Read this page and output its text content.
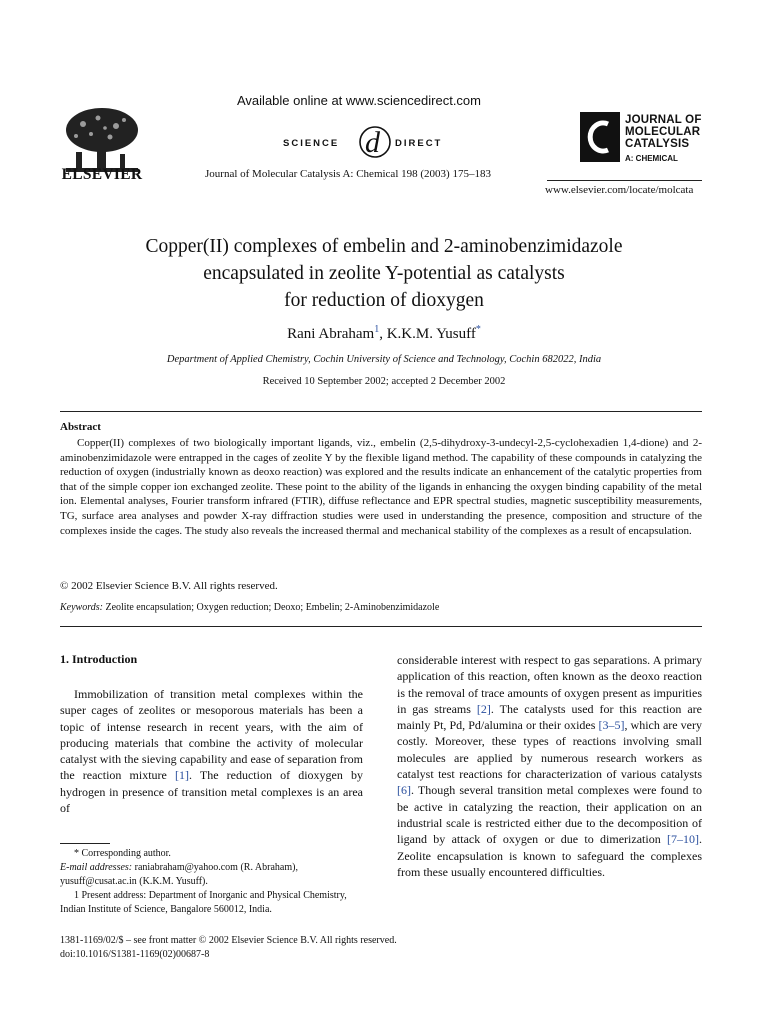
ELSEVIER
Available online at www.sciencedirect.com
SCIENCE d DIRECT
Journal of Molecular Catalysis A: Chemical 198 (2003) 175–183
JOURNAL OF
MOLECULAR
CATALYSIS
A: CHEMICAL
www.elsevier.com/locate/molcata
Copper(II) complexes of embelin and 2-aminobenzimidazole
encapsulated in zeolite Y-potential as catalysts
for reduction of dioxygen
Rani Abraham$^1$, K.K.M. Yusuff*
Department of Applied Chemistry, Cochin University of Science and Technology, Cochin 682022, India
Received 10 September 2002; accepted 2 December 2002
Abstract
Copper(II) complexes of two biologically important ligands, viz., embelin (2,5-dihydroxy-3-undecyl-2,5-cyclohexadien 1,4-dione) and 2-aminobenzimidazole were entrapped in the cages of zeolite Y by the flexible ligand method. The capability of these compounds in catalyzing the reduction of oxygen (industrially known as deoxo reaction) was explored and the results indicate an enhancement of the catalytic properties from that of the simple copper ion exchanged zeolite. These point to the ability of the ligands in enhancing the oxygen binding capability of the metal ion. Elemental analyses, Fourier transform infrared (FTIR), diffuse reflectance and EPR spectral studies, magnetic susceptibility measurements, TG, surface area analyses and powder X-ray diffraction studies were used in understanding the presence, composition and structure of the complexes inside the cages. The study also reveals the increased thermal and mechanical stability of the complexes as a result of encapsulation.
© 2002 Elsevier Science B.V. All rights reserved.
Keywords: Zeolite encapsulation; Oxygen reduction; Deoxo; Embelin; 2-Aminobenzimidazole
1. Introduction
Immobilization of transition metal complexes within the super cages of zeolites or mesoporous materials has been a topic of intense research in recent years, with the aim of producing materials that combine the activity of molecular catalyst with the sieving capability and ease of separation from the reaction mixture [1]. The reduction of dioxygen by hydrogen in presence of transition metal complexes is an area of

* Corresponding author.

E-mail addresses: raniabraham@yahoo.com (R. Abraham), yusuff@cusat.ac.in (K.K.M. Yusuff).

1 Present address: Department of Inorganic and Physical Chemistry, Indian Institute of Science, Bangalore 560012, India.

considerable interest with respect to gas separations. A primary application of this reaction, often known as the deoxo reaction is the removal of trace amounts of oxygen present as impurities in gas streams [2]. The catalysts used for this reaction are mainly Pt, Pd, Pd/alumina or their oxides [3–5], which are very costly. Moreover, these types of reactions involving small molecules are applied by numerous research workers as catalyst test reactions for characterization of various catalysts [6]. Though several transition metal complexes were found to be active in catalyzing the reaction, their application on an industrial scale is restricted either due to the decomposition of ligand by attack of oxygen or due to dimerization [7–10]. Zeolite encapsulation is known to safeguard the complexes from these usually encountered difficulties.
1381-1169/02/$ – see front matter © 2002 Elsevier Science B.V. All rights reserved.
doi:10.1016/S1381-1169(02)00687-8
